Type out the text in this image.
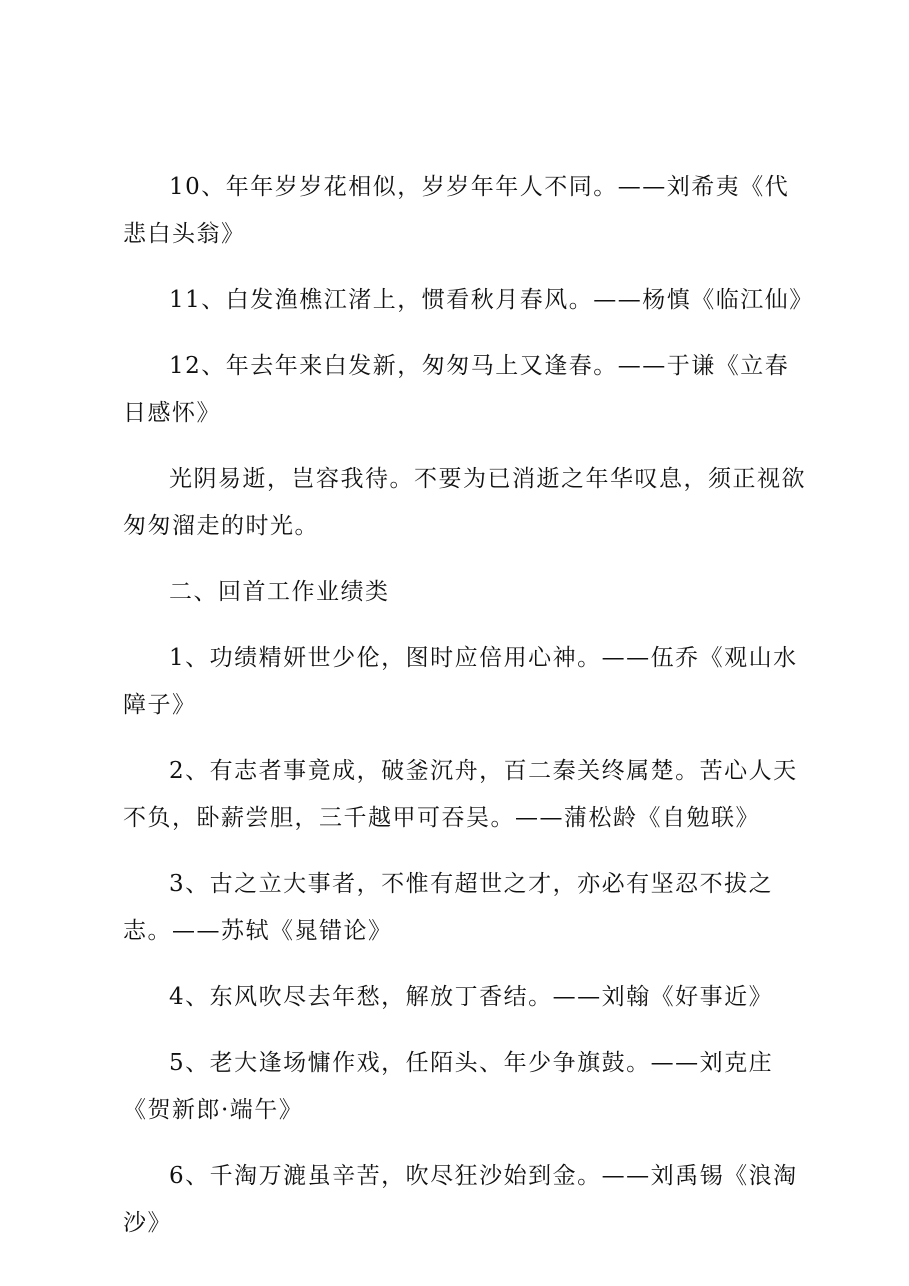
10、年年岁岁花相似，岁岁年年人不同。——刘希夷《代悲白头翁》

11、白发渔樵江渚上，惯看秋月春风。——杨慎《临江仙》

12、年去年来白发新，匆匆马上又逢春。——于谦《立春日感怀》

光阴易逝，岂容我待。不要为已消逝之年华叹息，须正视欲匆匆溜走的时光。

二、回首工作业绩类

1、功绩精妍世少伦，图时应倍用心神。——伍乔《观山水障子》

2、有志者事竟成，破釜沉舟，百二秦关终属楚。苦心人天不负，卧薪尝胆，三千越甲可吞吴。——蒲松龄《自勉联》

3、古之立大事者，不惟有超世之才，亦必有坚忍不拔之志。——苏轼《晁错论》

4、东风吹尽去年愁，解放丁香结。——刘翰《好事近》

5、老大逢场慵作戏，任陌头、年少争旗鼓。——刘克庄《贺新郎·端午》

6、千淘万漉虽辛苦，吹尽狂沙始到金。——刘禹锡《浪淘沙》
